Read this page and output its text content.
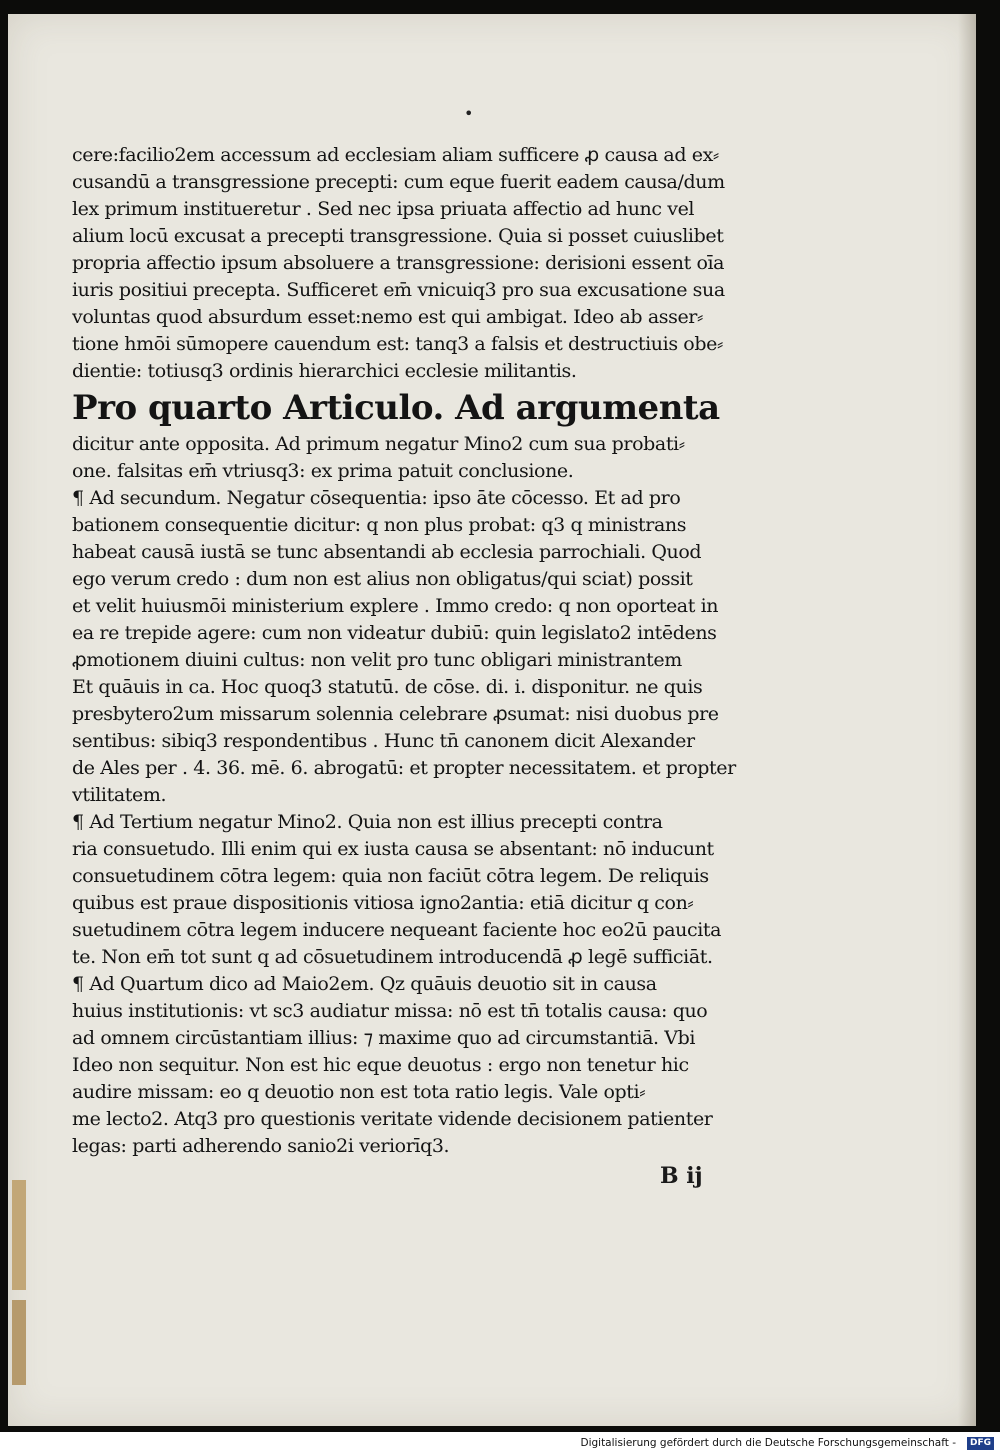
•
cere:facilio2em accessum ad ecclesiam aliam sufficere ꝓ causa ad ex⸗
cusandū a transgressione precepti: cum eque fuerit eadem causa/dum
lex primum institueretur . Sed nec ipsa priuata affectio ad hunc vel
alium locū excusat a precepti transgressione. Quia si posset cuiuslibet
propria affectio ipsum absoluere a transgressione: derisioni essent oīa
iuris positiui precepta. Sufficeret em̄ vnicuiq3 pro sua excusatione sua
voluntas quod absurdum esset:nemo est qui ambigat. Ideo ab asser⸗
tione hmōi sūmopere cauendum est: tanq3 a falsis et destructiuis obe⸗
dientie: totiusq3 ordinis hierarchici ecclesie militantis.
Pro quarto Articulo. Ad argumenta
dicitur ante opposita. Ad primum negatur Mino2 cum sua probati⸗
one. falsitas em̄ vtriusq3: ex prima patuit conclusione.
¶ Ad secundum. Negatur cōsequentia: ipso āte cōcesso. Et ad pro
bationem consequentie dicitur: q non plus probat: q3 q ministrans
habeat causā iustā se tunc absentandi ab ecclesia parrochiali. Quod
ego verum credo : dum non est alius non obligatus/qui sciat) possit
et velit huiusmōi ministerium explere . Immo credo: q non oporteat in
ea re trepide agere: cum non videatur dubiū: quin legislato2 intēdens
ꝓmotionem diuini cultus: non velit pro tunc obligari ministrantem
Et quāuis in ca. Hoc quoq3 statutū. de cōse. di. i. disponitur. ne quis
presbytero2um missarum solennia celebrare ꝓsumat: nisi duobus pre
sentibus: sibiq3 respondentibus . Hunc tn̄ canonem dicit Alexander
de Ales per . 4. 36. mē. 6. abrogatū: et propter necessitatem. et propter
vtilitatem.
¶ Ad Tertium negatur Mino2. Quia non est illius precepti contra
ria consuetudo. Illi enim qui ex iusta causa se absentant: nō inducunt
consuetudinem cōtra legem: quia non faciūt cōtra legem. De reliquis
quibus est praue dispositionis vitiosa igno2antia: etiā dicitur q con⸗
suetudinem cōtra legem inducere nequeant faciente hoc eo2ū paucita
te. Non em̄ tot sunt q ad cōsuetudinem introducendā ꝓ legē sufficiāt.
¶ Ad Quartum dico ad Maio2em. Qz quāuis deuotio sit in causa
huius institutionis: vt sc3 audiatur missa: nō est tn̄ totalis causa: quo
ad omnem circūstantiam illius: ⁊ maxime quo ad circumstantiā. Vbi
Ideo non sequitur. Non est hic eque deuotus : ergo non tenetur hic
audire missam: eo q deuotio non est tota ratio legis. Vale opti⸗
me lecto2. Atq3 pro questionis veritate vidende decisionem patienter
legas: parti adherendo sanio2i veriorīq3.
B ij
Digitalisierung gefördert durch die Deutsche Forschungsgemeinschaft -	DFG
